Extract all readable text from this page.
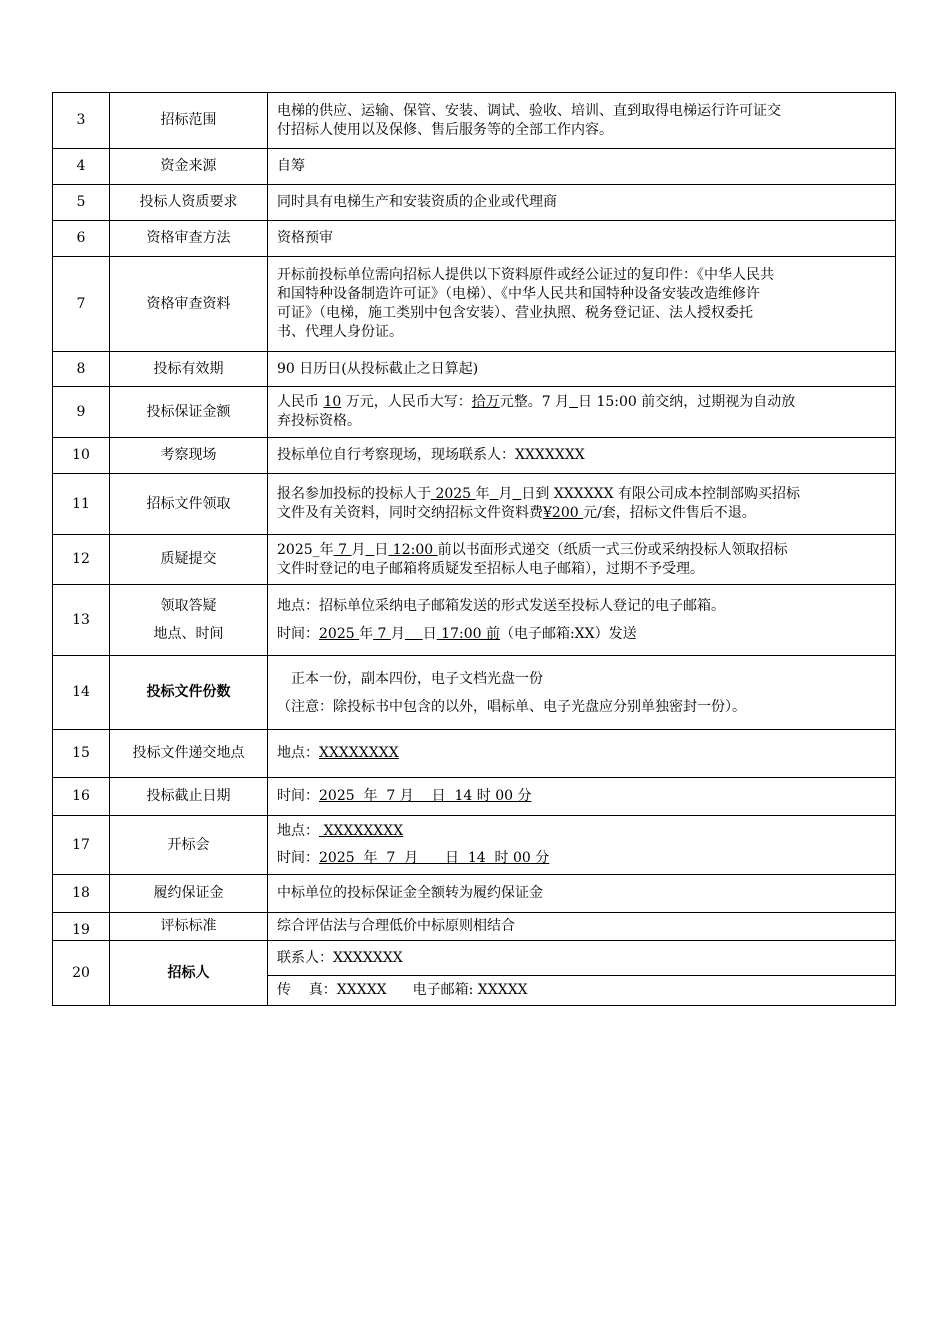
3	招标范围	电梯的供应、运输、保管、安装、调试、验收、培训、直到取得电梯运行许可证交
付招标人使用以及保修、售后服务等的全部工作内容。

4	资金来源	自筹
5	投标人资质要求	同时具有电梯生产和安装资质的企业或代理商
6	资格审查方法	资格预审
7	资格审查资料	开标前投标单位需向招标人提供以下资料原件或经公证过的复印件：《中华人民共
和国特种设备制造许可证》（电梯）、《中华人民共和国特种设备安装改造维修许
可证》（电梯，施工类别中包含安装）、营业执照、税务登记证、法人授权委托
书、代理人身份证。

8	投标有效期	90 日历日(从投标截止之日算起)
9	投标保证金额	人民币 10 万元，人民币大写：拾万元整。7 月 日 15:00 前交纳，过期视为自动放
弃投标资格。

10	考察现场	投标单位自行考察现场，现场联系人：XXXXXXX
11	招标文件领取	报名参加投标的投标人于 2025 年 月 日到 XXXXXX 有限公司成本控制部购买招标
文件及有关资料，同时交纳招标文件资料费¥200 元/套，招标文件售后不退。

12	质疑提交	2025_年 7 月 日 12:00 前以书面形式递交（纸质一式三份或采纳投标人领取招标
文件时登记的电子邮箱将质疑发至招标人电子邮箱），过期不予受理。

13	领取答疑
地点、时间	地点：招标单位采纳电子邮箱发送的形式发送至投标人登记的电子邮箱。
时间：2025 年 7 月 日 17:00 前（电子邮箱:XX）发送

14	投标文件份数	正本一份，副本四份，电子文档光盘一份
（注意：除投标书中包含的以外，唱标单、电子光盘应分别单独密封一份）。

15	投标文件递交地点	地点：XXXXXXXX
16	投标截止日期	时间：2025  年  7 月    日  14 时 00 分
17	开标会	地点： XXXXXXXX
时间：2025  年  7  月      日  14  时 00 分

18	履约保证金	中标单位的投标保证金全额转为履约保证金
19	评标标准	综合评估法与合理低价中标原则相结合
20	招标人	联系人：XXXXXXX
		传    真：XXXXX 电子邮箱: XXXXX
